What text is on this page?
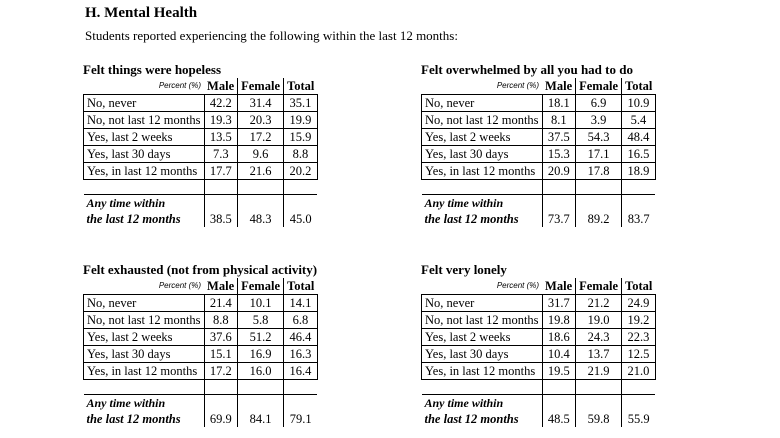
H. Mental Health
Students reported experiencing the following within the last 12 months:
Felt things were hopeless
Percent (%)	Male	Female	Total
No, never	42.2	31.4	35.1
No, not last 12 months	19.3	20.3	19.9
Yes, last 2 weeks	13.5	17.2	15.9
Yes, last 30 days	7.3	9.6	8.8
Yes, in last 12 months	17.7	21.6	20.2

Any time within			
the last 12 months	38.5	48.3	45.0
Felt overwhelmed by all you had to do
Percent (%)	Male	Female	Total
No, never	18.1	6.9	10.9
No, not last 12 months	8.1	3.9	5.4
Yes, last 2 weeks	37.5	54.3	48.4
Yes, last 30 days	15.3	17.1	16.5
Yes, in last 12 months	20.9	17.8	18.9

Any time within			
the last 12 months	73.7	89.2	83.7
Felt exhausted (not from physical activity)
Percent (%)	Male	Female	Total
No, never	21.4	10.1	14.1
No, not last 12 months	8.8	5.8	6.8
Yes, last 2 weeks	37.6	51.2	46.4
Yes, last 30 days	15.1	16.9	16.3
Yes, in last 12 months	17.2	16.0	16.4

Any time within			
the last 12 months	69.9	84.1	79.1
Felt very lonely
Percent (%)	Male	Female	Total
No, never	31.7	21.2	24.9
No, not last 12 months	19.8	19.0	19.2
Yes, last 2 weeks	18.6	24.3	22.3
Yes, last 30 days	10.4	13.7	12.5
Yes, in last 12 months	19.5	21.9	21.0

Any time within			
the last 12 months	48.5	59.8	55.9
